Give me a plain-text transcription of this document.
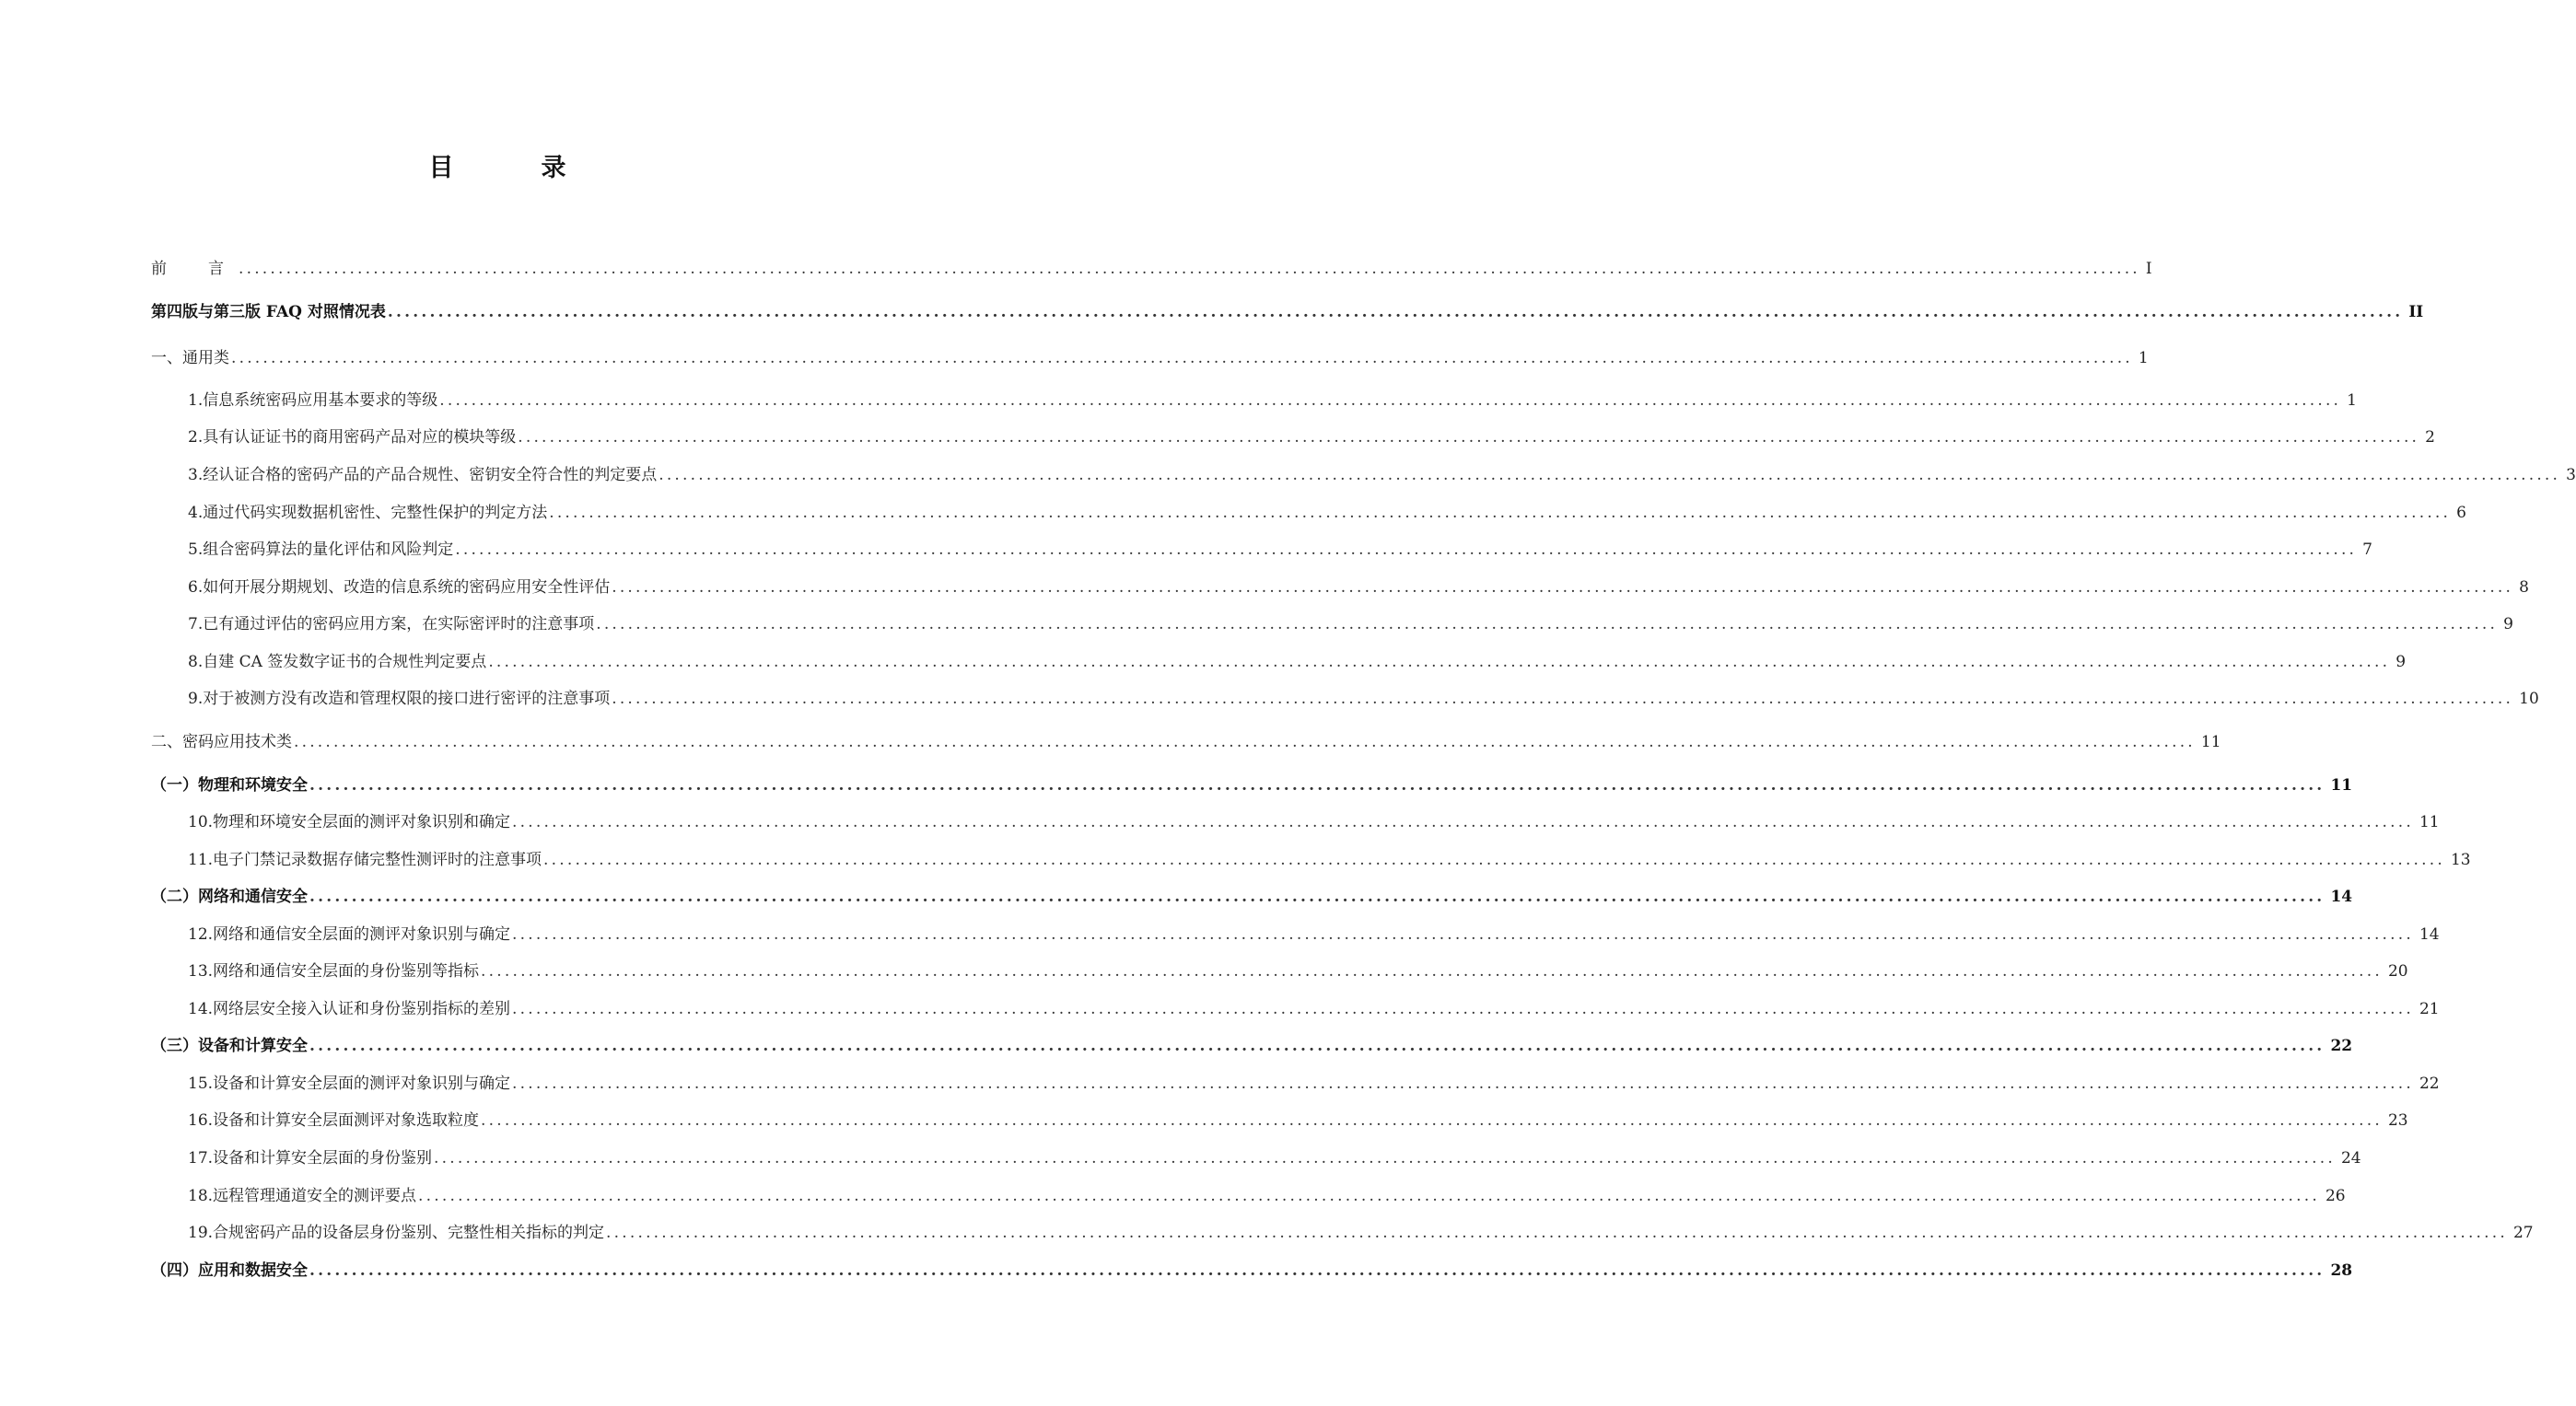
目　录
前　言 ................................................................................................................................................................................................................................................ I
第四版与第三版 FAQ 对照情况表 ................................................................................................................................................................................................................................................ II
一、通用类 ................................................................................................................................................................................................................................................ 1
1.信息系统密码应用基本要求的等级 ................................................................................................................................................................................................................................................ 1
2.具有认证证书的商用密码产品对应的模块等级 ................................................................................................................................................................................................................................................ 2
3.经认证合格的密码产品的产品合规性、密钥安全符合性的判定要点 ................................................................................................................................................................................................................................................ 3
4.通过代码实现数据机密性、完整性保护的判定方法 ................................................................................................................................................................................................................................................ 6
5.组合密码算法的量化评估和风险判定 ................................................................................................................................................................................................................................................ 7
6.如何开展分期规划、改造的信息系统的密码应用安全性评估 ................................................................................................................................................................................................................................................ 8
7.已有通过评估的密码应用方案，在实际密评时的注意事项 ................................................................................................................................................................................................................................................ 9
8.自建 CA 签发数字证书的合规性判定要点 ................................................................................................................................................................................................................................................ 9
9.对于被测方没有改造和管理权限的接口进行密评的注意事项 ................................................................................................................................................................................................................................................ 10
二、密码应用技术类 ................................................................................................................................................................................................................................................ 11
（一）物理和环境安全 ................................................................................................................................................................................................................................................ 11
10.物理和环境安全层面的测评对象识别和确定 ................................................................................................................................................................................................................................................ 11
11.电子门禁记录数据存储完整性测评时的注意事项 ................................................................................................................................................................................................................................................ 13
（二）网络和通信安全 ................................................................................................................................................................................................................................................ 14
12.网络和通信安全层面的测评对象识别与确定 ................................................................................................................................................................................................................................................ 14
13.网络和通信安全层面的身份鉴别等指标 ................................................................................................................................................................................................................................................ 20
14.网络层安全接入认证和身份鉴别指标的差别 ................................................................................................................................................................................................................................................ 21
（三）设备和计算安全 ................................................................................................................................................................................................................................................ 22
15.设备和计算安全层面的测评对象识别与确定 ................................................................................................................................................................................................................................................ 22
16.设备和计算安全层面测评对象选取粒度 ................................................................................................................................................................................................................................................ 23
17.设备和计算安全层面的身份鉴别 ................................................................................................................................................................................................................................................ 24
18.远程管理通道安全的测评要点 ................................................................................................................................................................................................................................................ 26
19.合规密码产品的设备层身份鉴别、完整性相关指标的判定 ................................................................................................................................................................................................................................................ 27
（四）应用和数据安全 ................................................................................................................................................................................................................................................ 28
